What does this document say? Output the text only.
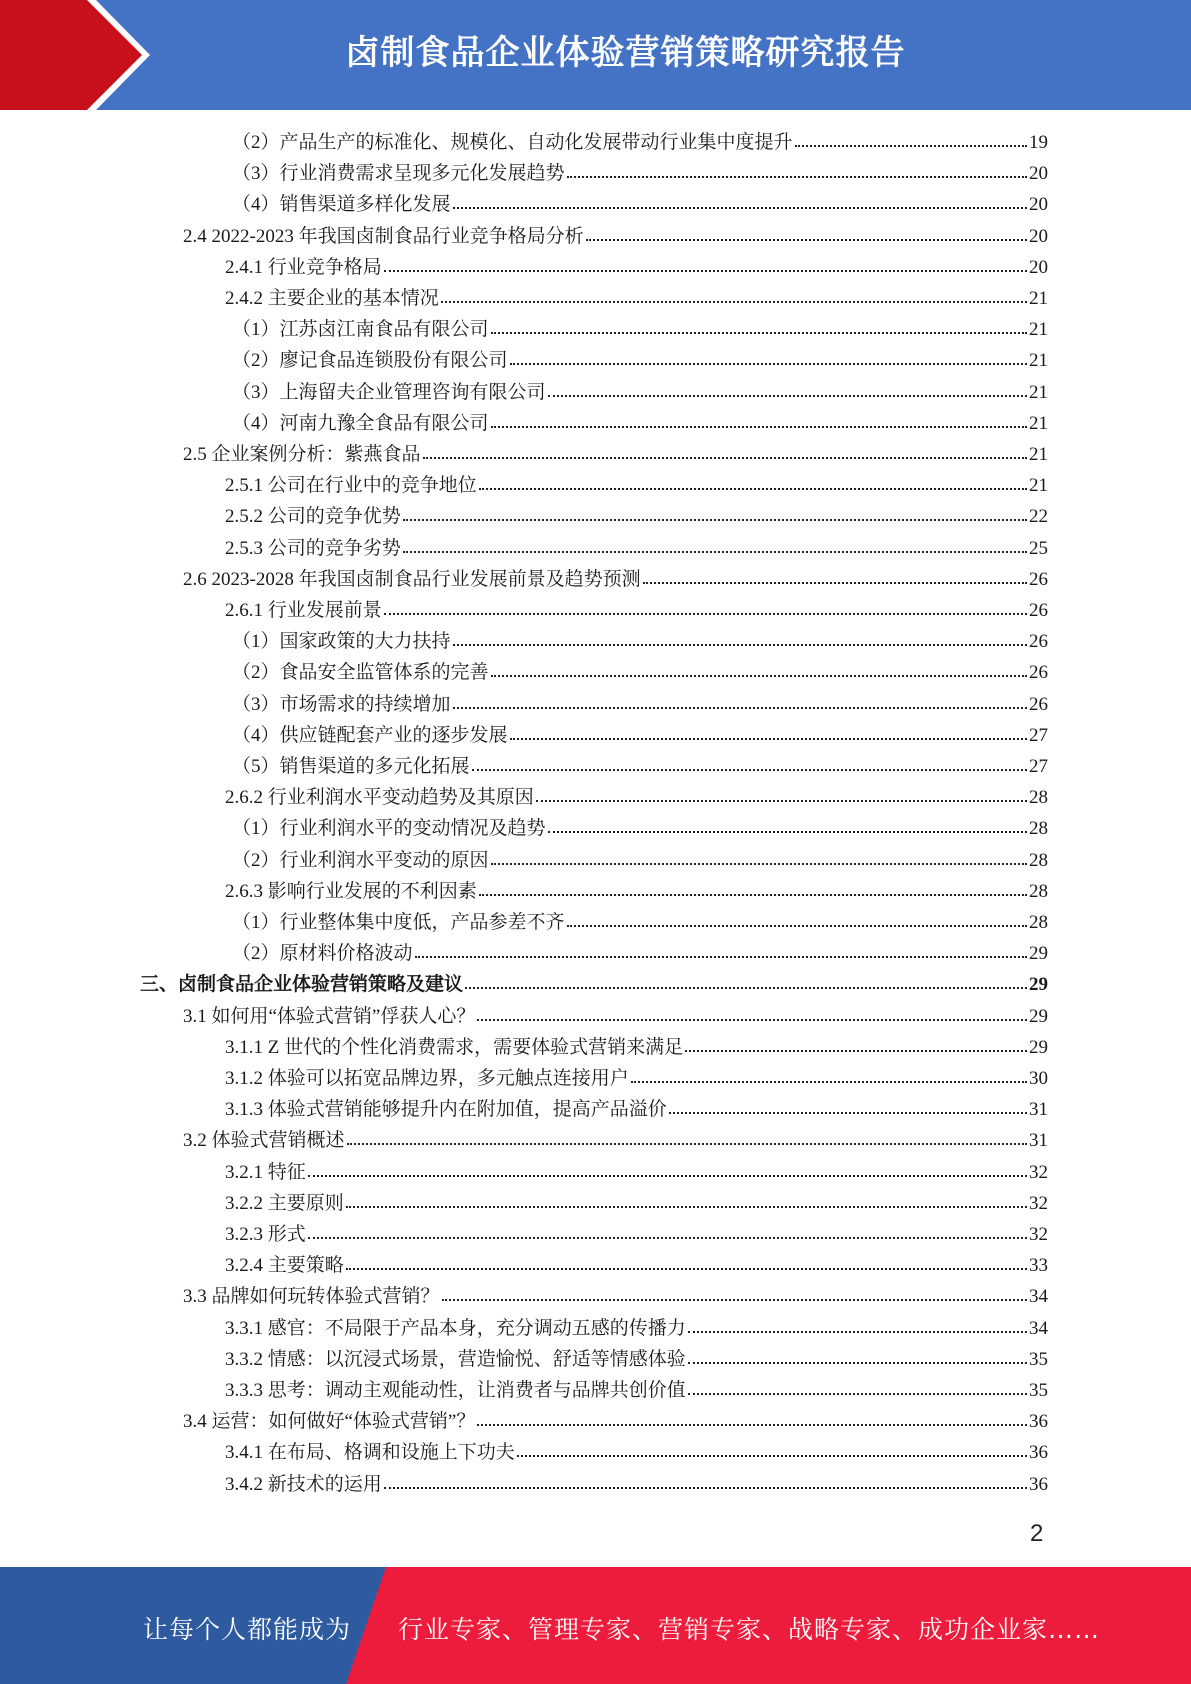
卤制食品企业体验营销策略研究报告
（2）产品生产的标准化、规模化、自动化发展带动行业集中度提升	19
（3）行业消费需求呈现多元化发展趋势	20
（4）销售渠道多样化发展	20
2.4 2022-2023 年我国卤制食品行业竞争格局分析	20
2.4.1 行业竞争格局	20
2.4.2 主要企业的基本情况	21
（1）江苏卤江南食品有限公司	21
（2）廖记食品连锁股份有限公司	21
（3）上海留夫企业管理咨询有限公司	21
（4）河南九豫全食品有限公司	21
2.5 企业案例分析：紫燕食品	21
2.5.1 公司在行业中的竞争地位	21
2.5.2 公司的竞争优势	22
2.5.3 公司的竞争劣势	25
2.6 2023-2028 年我国卤制食品行业发展前景及趋势预测	26
2.6.1 行业发展前景	26
（1）国家政策的大力扶持	26
（2）食品安全监管体系的完善	26
（3）市场需求的持续增加	26
（4）供应链配套产业的逐步发展	27
（5）销售渠道的多元化拓展	27
2.6.2 行业利润水平变动趋势及其原因	28
（1）行业利润水平的变动情况及趋势	28
（2）行业利润水平变动的原因	28
2.6.3 影响行业发展的不利因素	28
（1）行业整体集中度低，产品参差不齐	28
（2）原材料价格波动	29
三、卤制食品企业体验营销策略及建议	29
3.1 如何用“体验式营销”俘获人心？	29
3.1.1 Z 世代的个性化消费需求，需要体验式营销来满足	29
3.1.2 体验可以拓宽品牌边界，多元触点连接用户	30
3.1.3 体验式营销能够提升内在附加值，提高产品溢价	31
3.2 体验式营销概述	31
3.2.1 特征	32
3.2.2 主要原则	32
3.2.3 形式	32
3.2.4 主要策略	33
3.3 品牌如何玩转体验式营销？	34
3.3.1 感官：不局限于产品本身，充分调动五感的传播力	34
3.3.2 情感：以沉浸式场景，营造愉悦、舒适等情感体验	35
3.3.3 思考：调动主观能动性，让消费者与品牌共创价值	35
3.4 运营：如何做好“体验式营销”？	36
3.4.1 在布局、格调和设施上下功夫	36
3.4.2 新技术的运用	36
2
让每个人都能成为 行业专家、管理专家、营销专家、战略专家、成功企业家……
